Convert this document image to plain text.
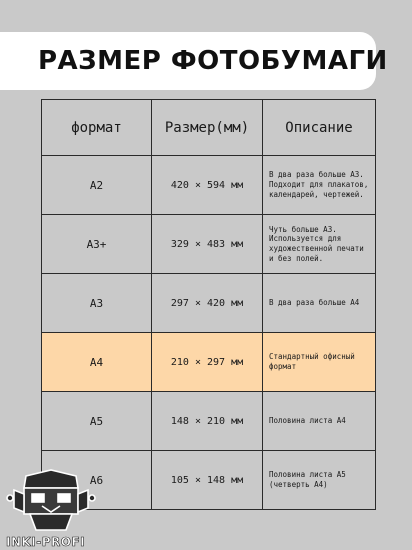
РАЗМЕР ФОТОБУМАГИ
формат	Размер(мм)	Описание
A2	420 × 594 мм	В два раза больше А3. Подходит для плакатов, календарей, чертежей.
A3+	329 × 483 мм	Чуть больше А3. Используется для художественной печати и без полей.
A3	297 × 420 мм	В два раза больше А4
A4	210 × 297 мм	Стандартный офисный формат
A5	148 × 210 мм	Половина листа А4
A6	105 × 148 мм	Половина листа А5 (четверть А4)
INKI-PROFI
